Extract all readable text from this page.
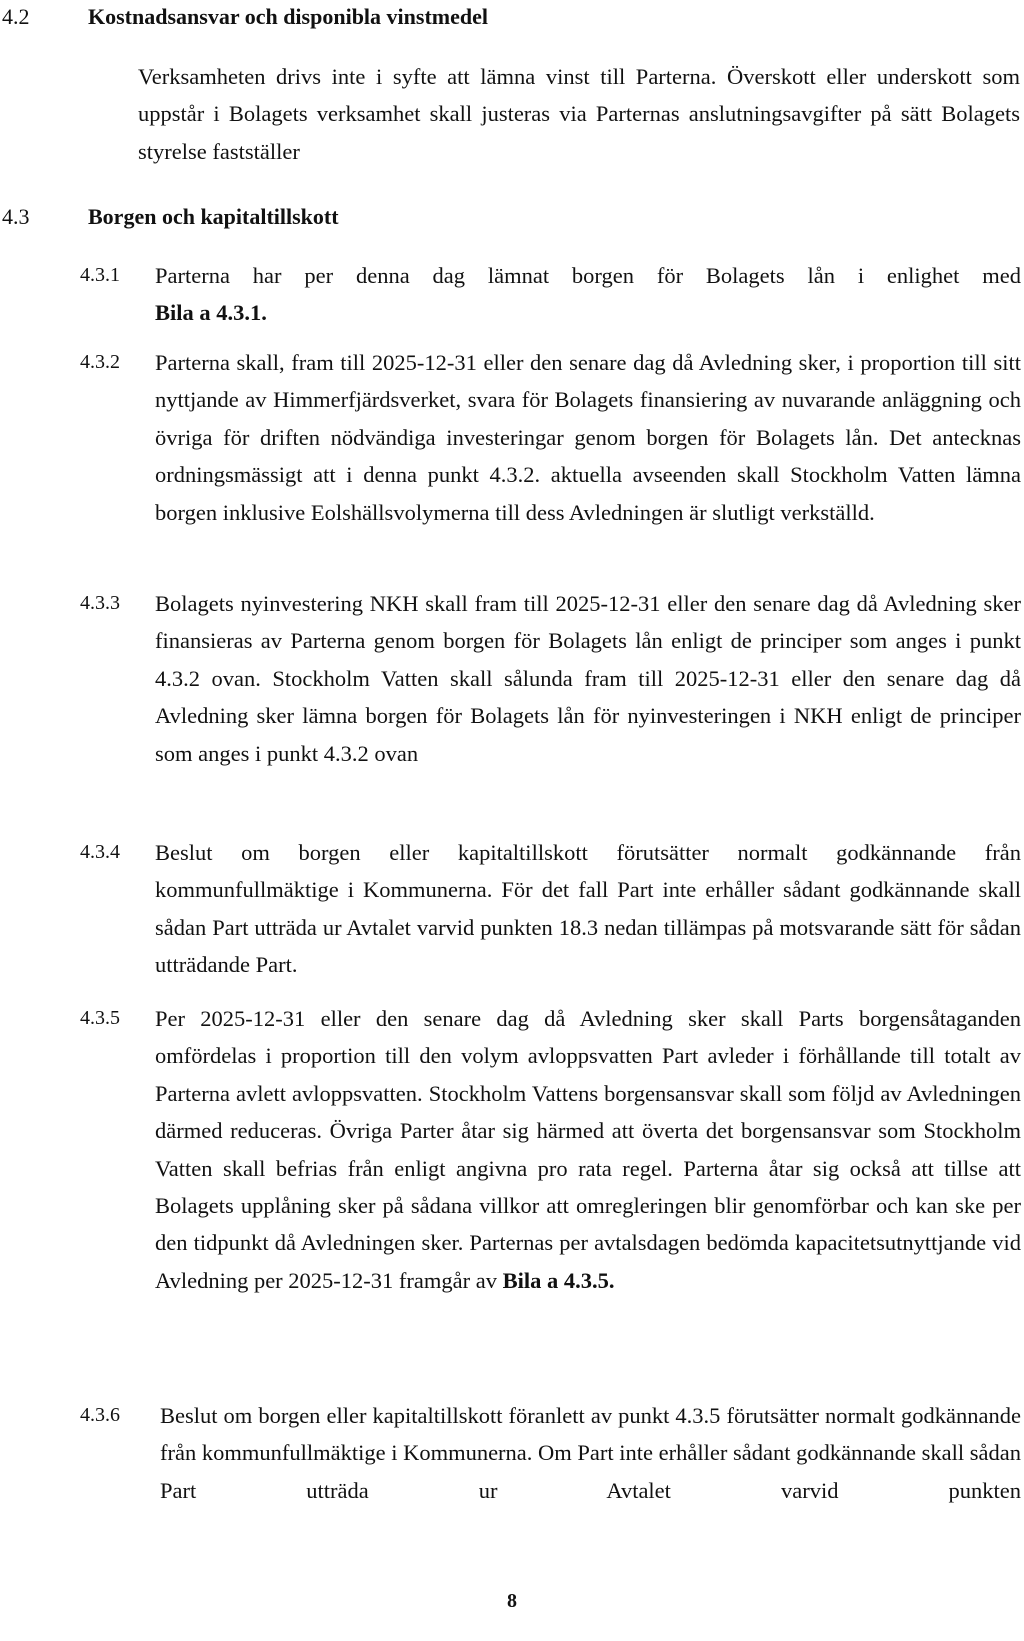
4.2	Kostnadsansvar och disponibla vinstmedel
Verksamheten drivs inte i syfte att lämna vinst till Parterna. Överskott eller underskott som uppstår i Bolagets verksamhet skall justeras via Parternas anslutningsavgifter på sätt Bolagets styrelse fastställer
4.3	Borgen och kapitaltillskott
4.3.1 Parterna har per denna dag lämnat borgen för Bolagets lån i enlighet med
Bila a 4.3.1.
4.3.2 Parterna skall, fram till 2025-12-31 eller den senare dag då Avledning sker, i proportion till sitt nyttjande av Himmerfjärdsverket, svara för Bolagets finansiering av nuvarande anläggning och övriga för driften nödvändiga investeringar genom borgen för Bolagets lån. Det antecknas ordningsmässigt att i denna punkt 4.3.2. aktuella avseenden skall Stockholm Vatten lämna borgen inklusive Eolshällsvolymerna till dess Avledningen är slutligt verkställd.
4.3.3 Bolagets nyinvestering NKH skall fram till 2025-12-31 eller den senare dag då Avledning sker finansieras av Parterna genom borgen för Bolagets lån enligt de principer som anges i punkt 4.3.2 ovan. Stockholm Vatten skall sålunda fram till 2025-12-31 eller den senare dag då Avledning sker lämna borgen för Bolagets lån för nyinvesteringen i NKH enligt de principer som anges i punkt 4.3.2 ovan
4.3.4 Beslut om borgen eller kapitaltillskott förutsätter normalt godkännande från kommunfullmäktige i Kommunerna. För det fall Part inte erhåller sådant godkännande skall sådan Part utträda ur Avtalet varvid punkten 18.3 nedan tillämpas på motsvarande sätt för sådan utträdande Part.
4.3.5 Per 2025-12-31 eller den senare dag då Avledning sker skall Parts borgensåtaganden omfördelas i proportion till den volym avloppsvatten Part avleder i förhållande till totalt av Parterna avlett avloppsvatten. Stockholm Vattens borgensansvar skall som följd av Avledningen därmed reduceras. Övriga Parter åtar sig härmed att överta det borgensansvar som Stockholm Vatten skall befrias från enligt angivna pro rata regel. Parterna åtar sig också att tillse att Bolagets upplåning sker på sådana villkor att omregleringen blir genomförbar och kan ske per den tidpunkt då Avledningen sker. Parternas per avtalsdagen bedömda kapacitetsutnyttjande vid Avledning per 2025-12-31 framgår av Bila a 4.3.5.
4.3.6 Beslut om borgen eller kapitaltillskott föranlett av punkt 4.3.5 förutsätter normalt godkännande från kommunfullmäktige i Kommunerna. Om Part inte erhåller sådant godkännande skall sådan Part utträda ur Avtalet varvid punkten
8
